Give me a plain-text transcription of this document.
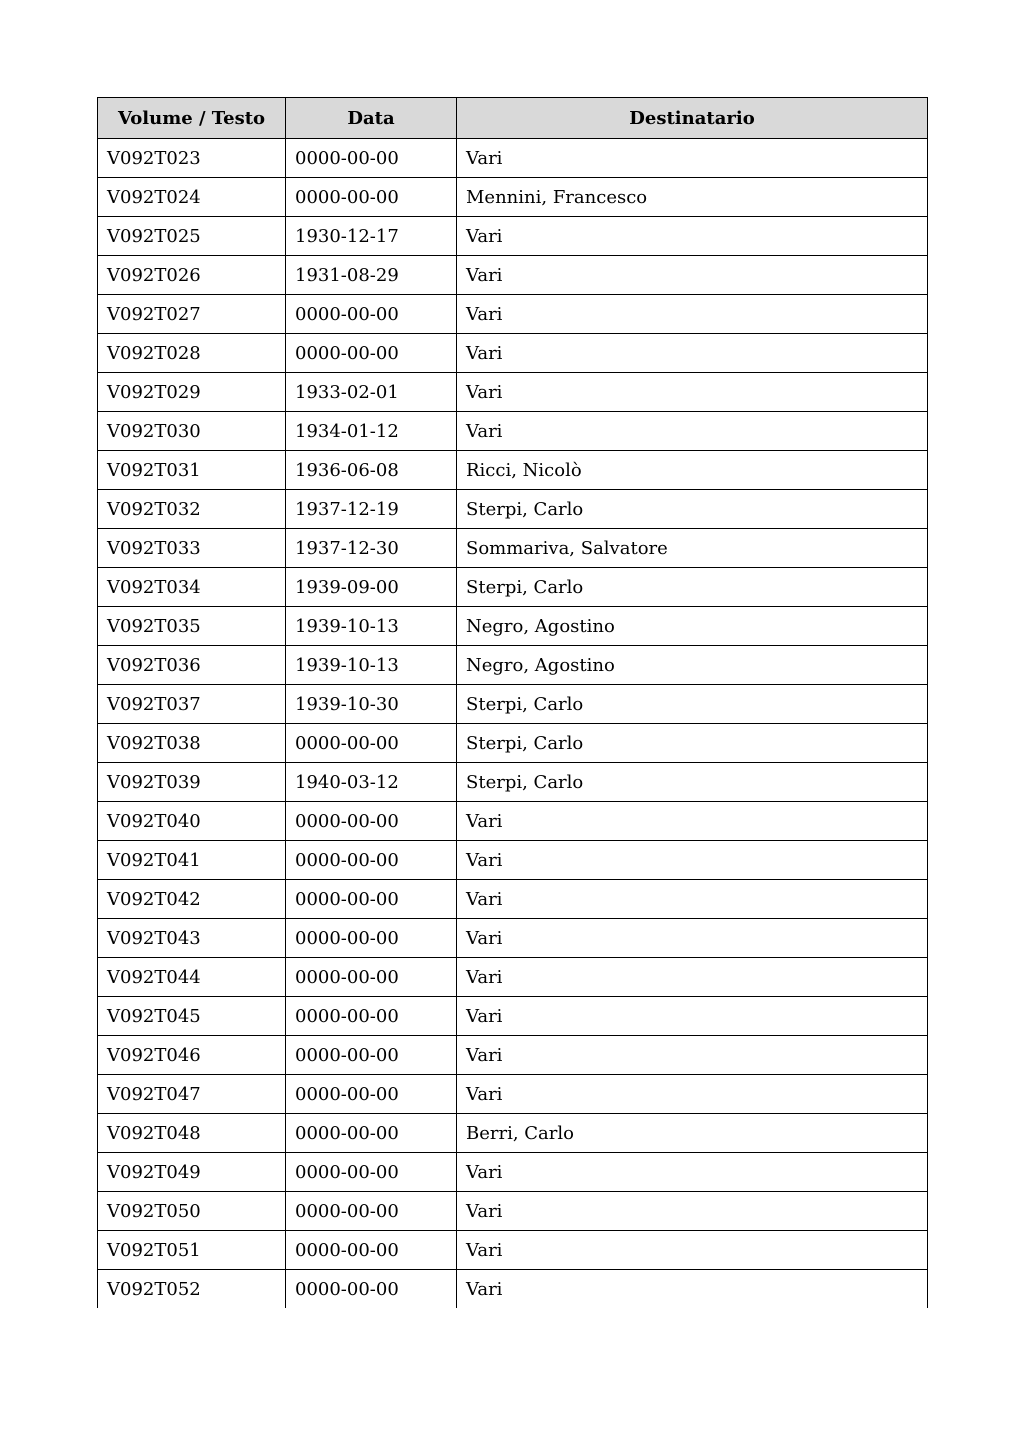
Volume / Testo	Data	Destinatario
V092T023	0000-00-00	Vari
V092T024	0000-00-00	Mennini, Francesco
V092T025	1930-12-17	Vari
V092T026	1931-08-29	Vari
V092T027	0000-00-00	Vari
V092T028	0000-00-00	Vari
V092T029	1933-02-01	Vari
V092T030	1934-01-12	Vari
V092T031	1936-06-08	Ricci, Nicolò
V092T032	1937-12-19	Sterpi, Carlo
V092T033	1937-12-30	Sommariva, Salvatore
V092T034	1939-09-00	Sterpi, Carlo
V092T035	1939-10-13	Negro, Agostino
V092T036	1939-10-13	Negro, Agostino
V092T037	1939-10-30	Sterpi, Carlo
V092T038	0000-00-00	Sterpi, Carlo
V092T039	1940-03-12	Sterpi, Carlo
V092T040	0000-00-00	Vari
V092T041	0000-00-00	Vari
V092T042	0000-00-00	Vari
V092T043	0000-00-00	Vari
V092T044	0000-00-00	Vari
V092T045	0000-00-00	Vari
V092T046	0000-00-00	Vari
V092T047	0000-00-00	Vari
V092T048	0000-00-00	Berri, Carlo
V092T049	0000-00-00	Vari
V092T050	0000-00-00	Vari
V092T051	0000-00-00	Vari
V092T052	0000-00-00	Vari
